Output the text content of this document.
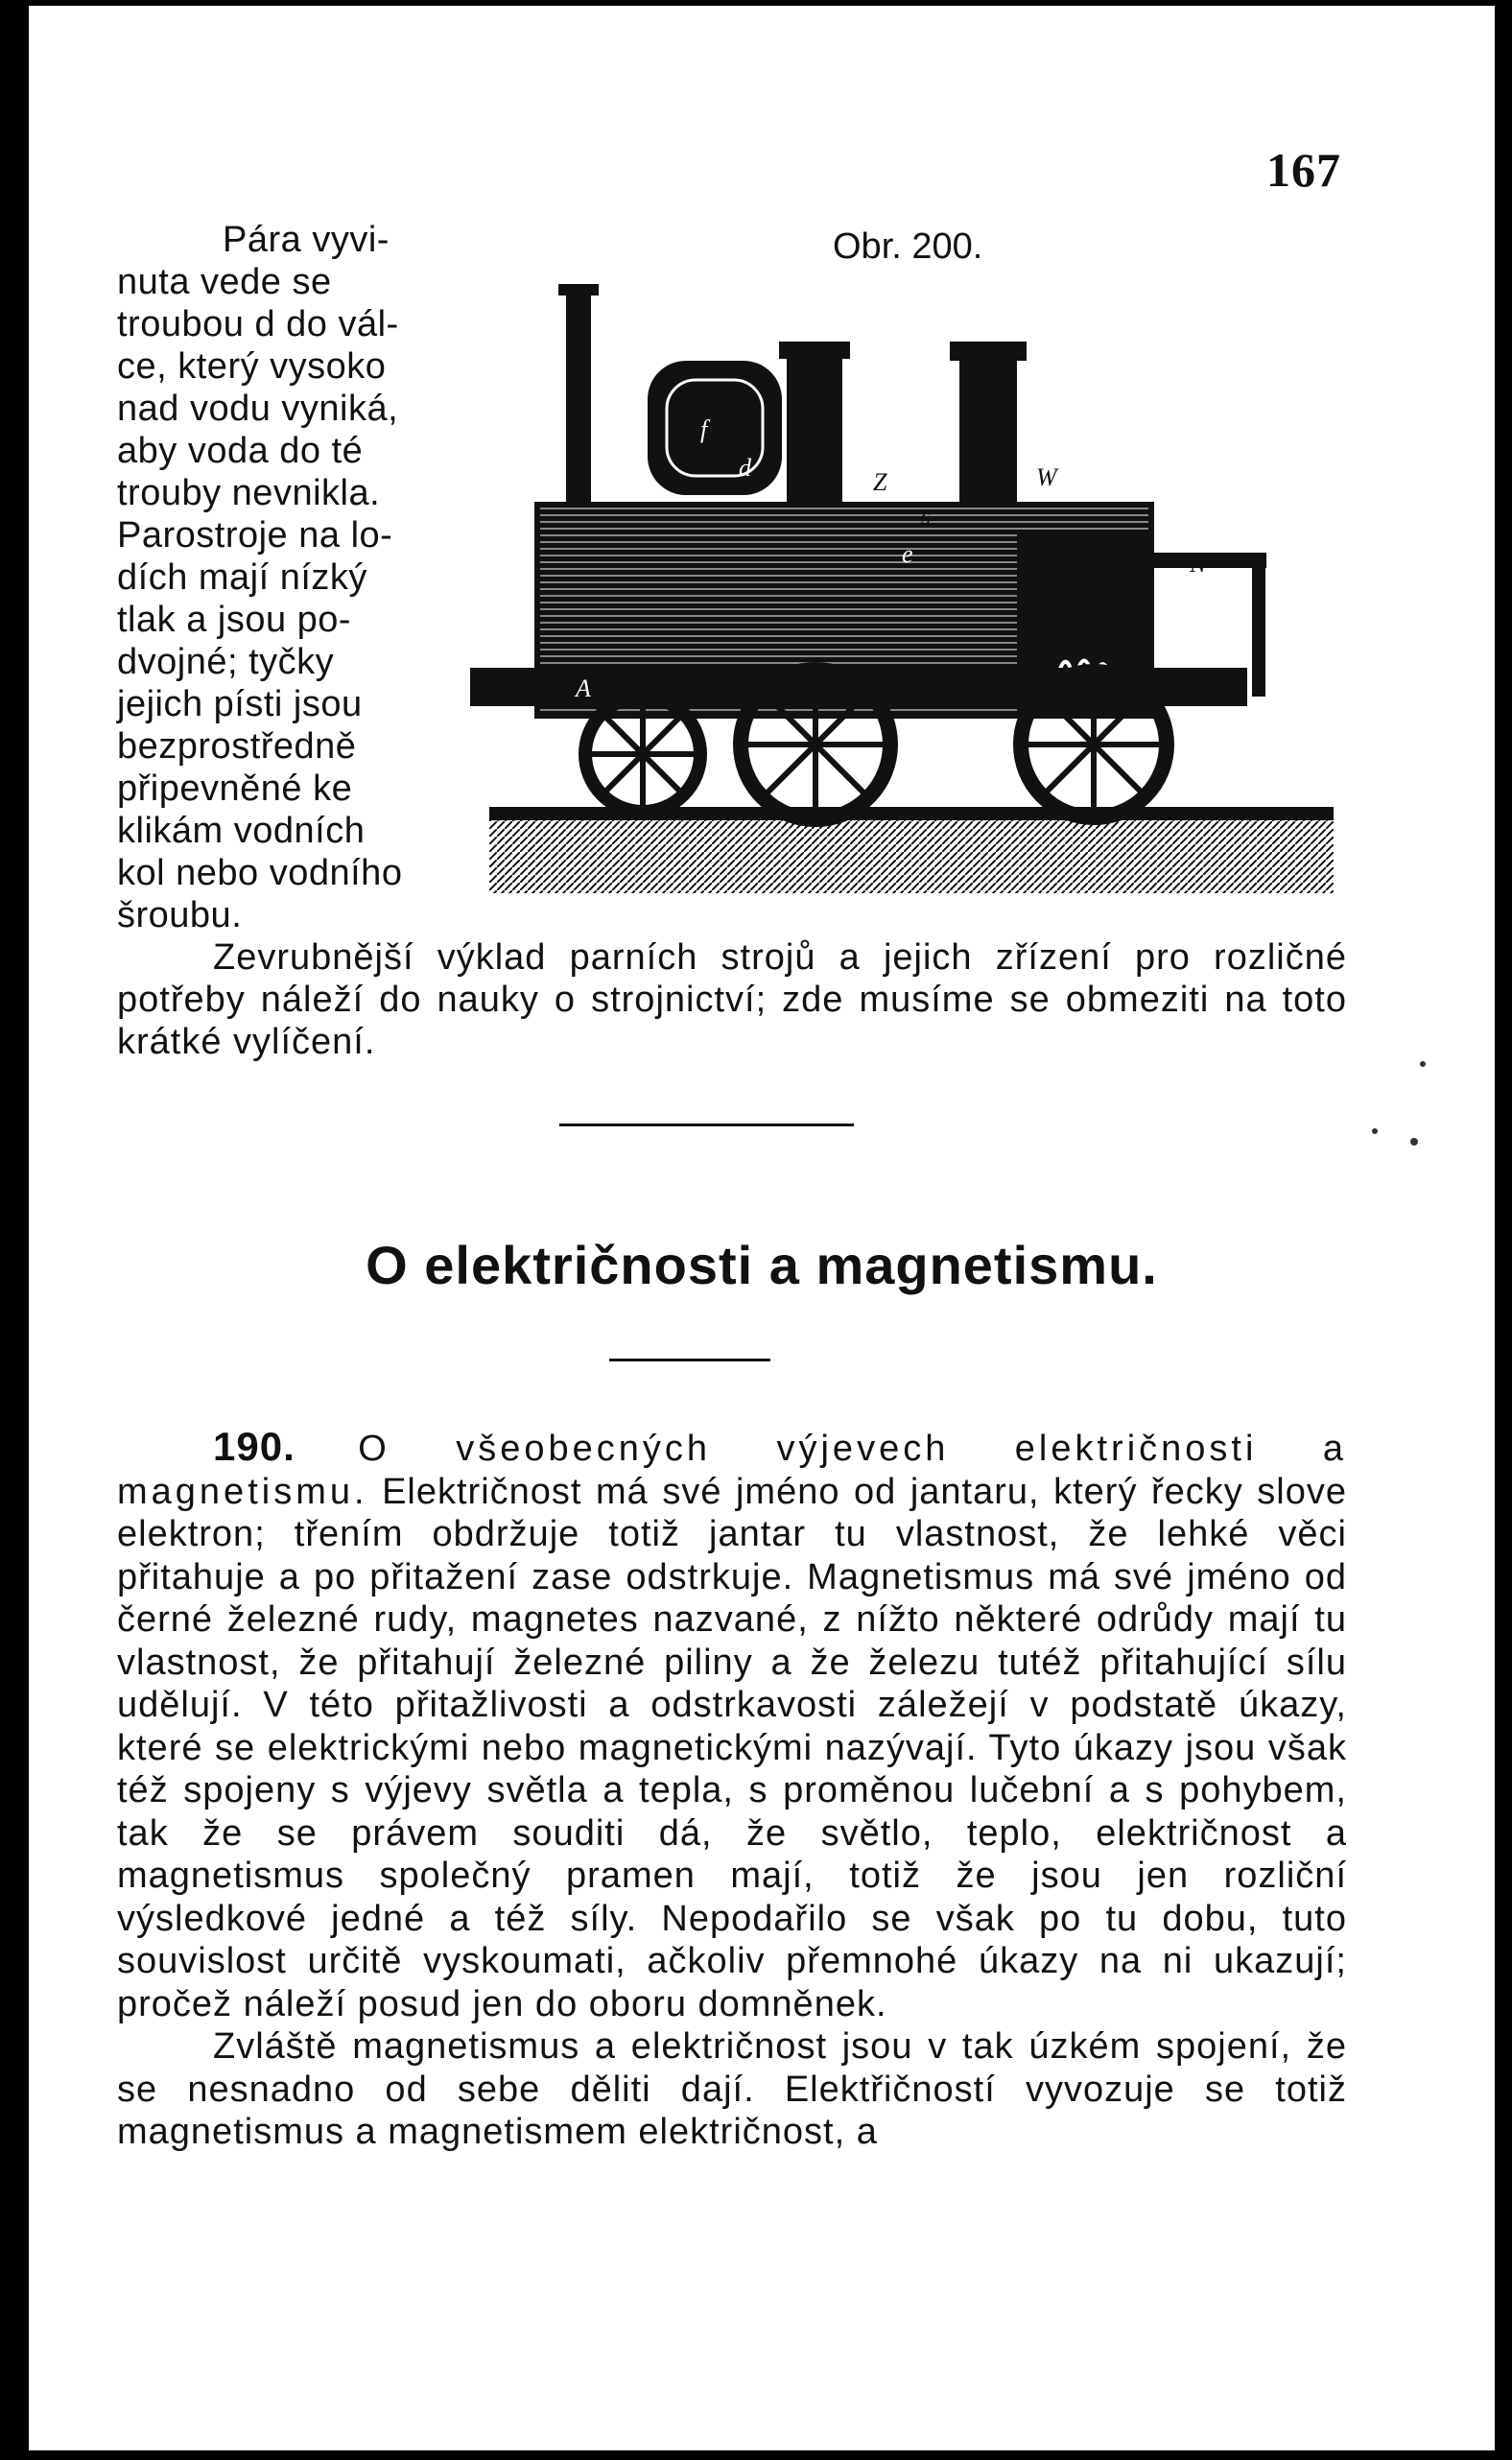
167
Obr. 200.

Pára vyvi-

nuta vede se

troubou d do vál-

ce, který vysoko

nad vodu vyniká,

aby voda do té

trouby nevnikla.

Parostroje na lo-

dích mají nízký

tlak a jsou po-

dvojné; tyčky

jejich písti jsou

bezprostředně

připevněné ke

klikám vodních

kol nebo vodního

šroubu.

f
d
e
Z	W
N
A
s

Zevrubnější výklad parních strojů a jejich zřízení pro rozličné potřeby náleží do nauky o strojnictví; zde musíme se obmeziti na toto krátké vylíčení.

O električnosti a magnetismu.

190. O všeobecných výjevech električnosti a magnetismu. Električnost má své jméno od jantaru, který řecky slove elektron; třením obdržuje totiž jantar tu vlastnost, že lehké věci přitahuje a po přitažení zase odstrkuje. Magnetismus má své jméno od černé železné rudy, magnetes nazvané, z nížto některé odrůdy mají tu vlastnost, že přitahují železné piliny a že železu tutéž přitahující sílu udělují. V této přitažlivosti a odstrkavosti záležejí v podstatě úkazy, které se elektrickými nebo magnetickými nazývají. Tyto úkazy jsou však též spojeny s výjevy světla a tepla, s proměnou lučební a s pohybem, tak že se právem souditi dá, že světlo, teplo, električnost a magnetismus společný pramen mají, totiž že jsou jen rozliční výsledkové jedné a též síly. Nepodařilo se však po tu dobu, tuto souvislost určitě vyskoumati, ačkoliv přemnohé úkazy na ni ukazují; pročež náleží posud jen do oboru domněnek.

Zvláště magnetismus a električnost jsou v tak úzkém spojení, že se nesnadno od sebe děliti dají. Elektřičností vyvozuje se totiž magnetismus a magnetismem električnost, a
